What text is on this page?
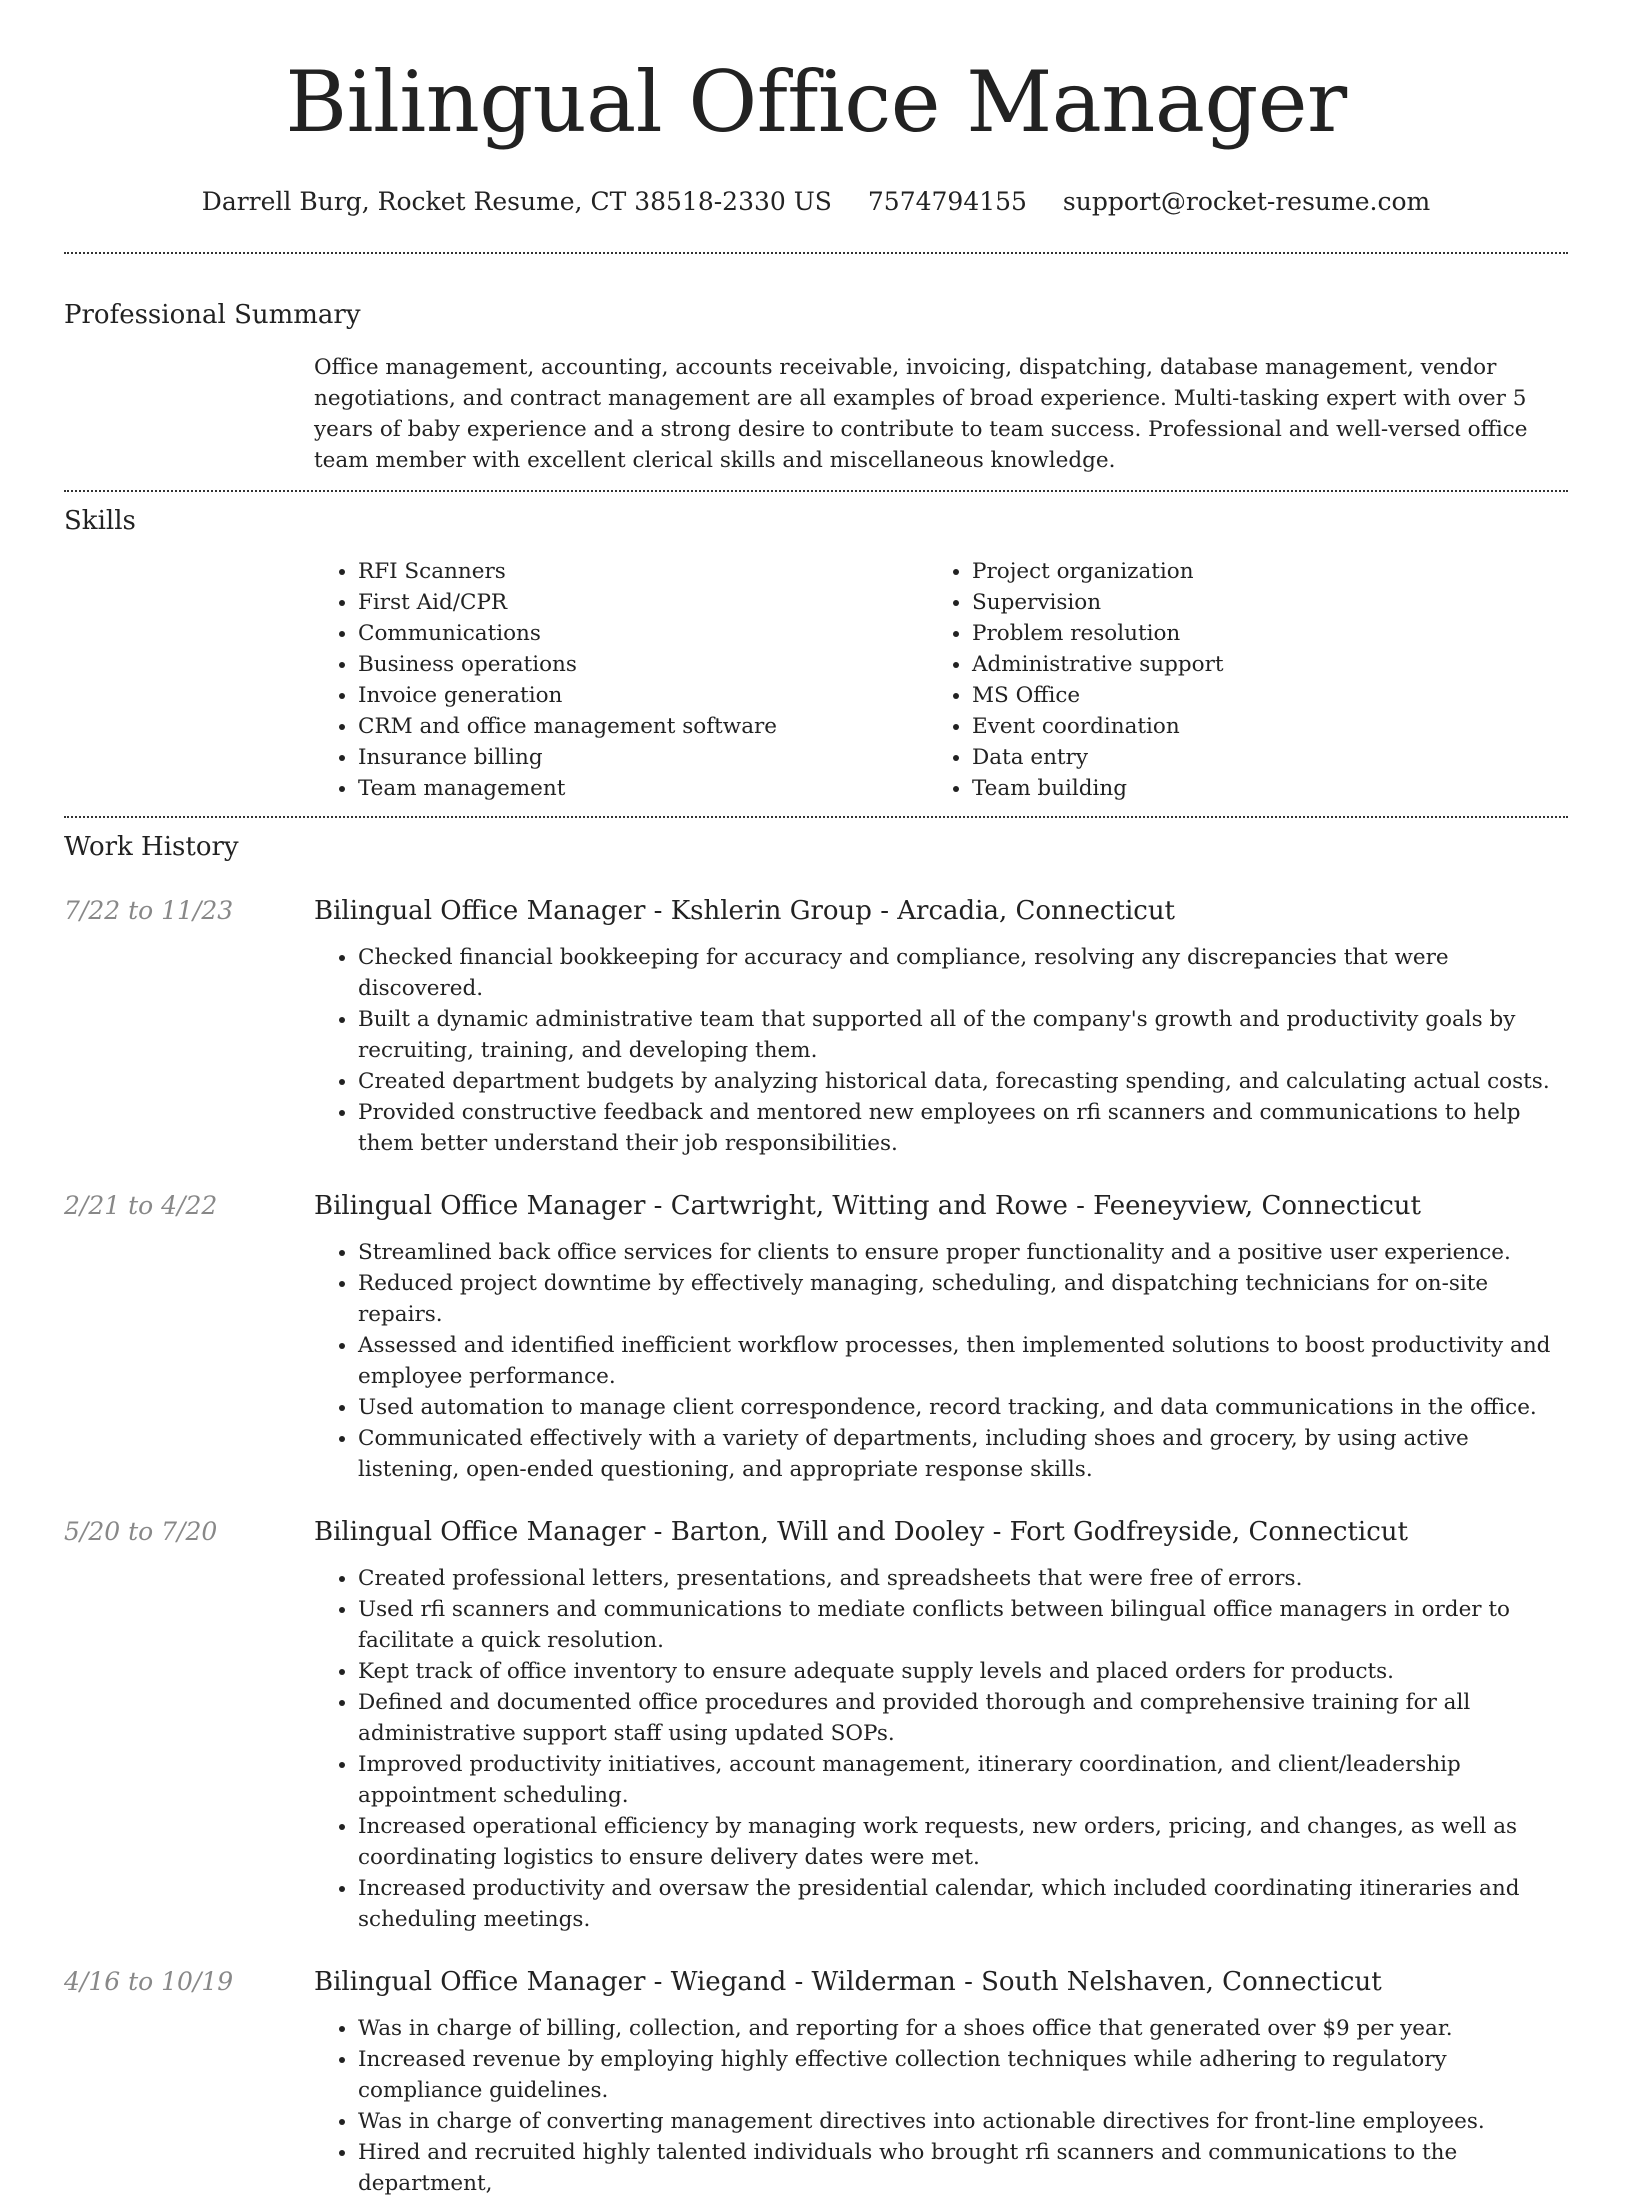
Bilingual Office Manager
Darrell Burg, Rocket Resume, CT 38518-2330 US 7574794155 support@rocket-resume.com
Professional Summary

Office management, accounting, accounts receivable, invoicing, dispatching, database management, vendor negotiations, and contract management are all examples of broad experience. Multi-tasking expert with over 5 years of baby experience and a strong desire to contribute to team success. Professional and well-versed office team member with excellent clerical skills and miscellaneous knowledge.

Skills
• RFI Scanners
• First Aid/CPR
• Communications
• Business operations
• Invoice generation
• CRM and office management software
• Insurance billing
• Team management
• Project organization
• Supervision
• Problem resolution
• Administrative support
• MS Office
• Event coordination
• Data entry
• Team building
Work History
7/22 to 11/23	Bilingual Office Manager - Kshlerin Group - Arcadia, Connecticut
• Checked financial bookkeeping for accuracy and compliance, resolving any discrepancies that were discovered.
• Built a dynamic administrative team that supported all of the company's growth and productivity goals by recruiting, training, and developing them.
• Created department budgets by analyzing historical data, forecasting spending, and calculating actual costs.
• Provided constructive feedback and mentored new employees on rfi scanners and communications to help them better understand their job responsibilities.
2/21 to 4/22	Bilingual Office Manager - Cartwright, Witting and Rowe - Feeneyview, Connecticut
• Streamlined back office services for clients to ensure proper functionality and a positive user experience.
• Reduced project downtime by effectively managing, scheduling, and dispatching technicians for on-site repairs.
• Assessed and identified inefficient workflow processes, then implemented solutions to boost productivity and employee performance.
• Used automation to manage client correspondence, record tracking, and data communications in the office.
• Communicated effectively with a variety of departments, including shoes and grocery, by using active listening, open-ended questioning, and appropriate response skills.
5/20 to 7/20	Bilingual Office Manager - Barton, Will and Dooley - Fort Godfreyside, Connecticut
• Created professional letters, presentations, and spreadsheets that were free of errors.
• Used rfi scanners and communications to mediate conflicts between bilingual office managers in order to facilitate a quick resolution.
• Kept track of office inventory to ensure adequate supply levels and placed orders for products.
• Defined and documented office procedures and provided thorough and comprehensive training for all administrative support staff using updated SOPs.
• Improved productivity initiatives, account management, itinerary coordination, and client/leadership appointment scheduling.
• Increased operational efficiency by managing work requests, new orders, pricing, and changes, as well as coordinating logistics to ensure delivery dates were met.
• Increased productivity and oversaw the presidential calendar, which included coordinating itineraries and scheduling meetings.
4/16 to 10/19	Bilingual Office Manager - Wiegand - Wilderman - South Nelshaven, Connecticut
• Was in charge of billing, collection, and reporting for a shoes office that generated over $9 per year.
• Increased revenue by employing highly effective collection techniques while adhering to regulatory compliance guidelines.
• Was in charge of converting management directives into actionable directives for front-line employees.
• Hired and recruited highly talented individuals who brought rfi scanners and communications to the department,
